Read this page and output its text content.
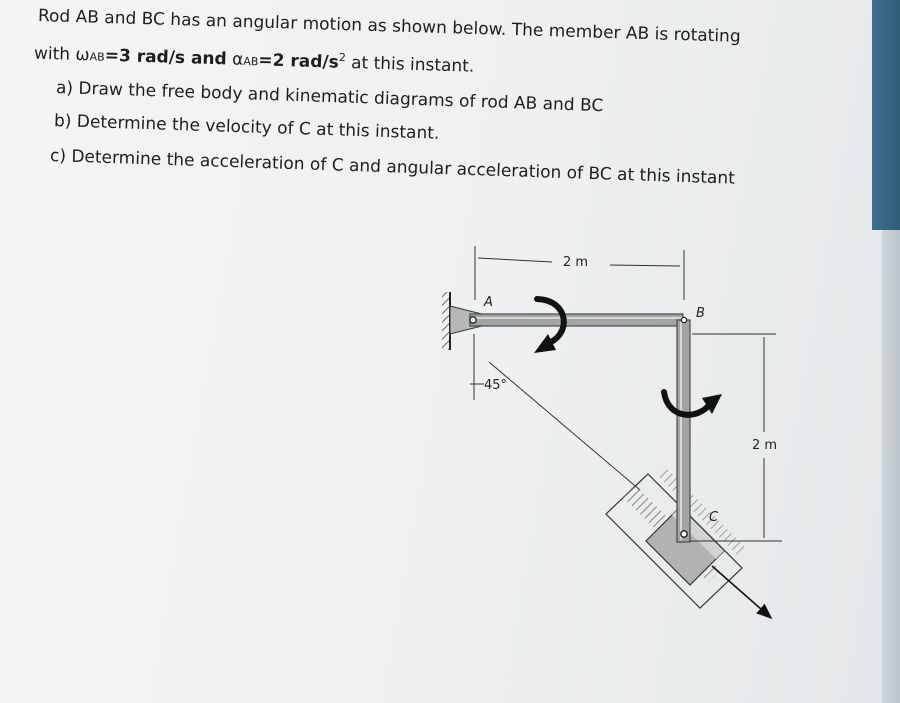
Rod AB and BC has an angular motion as shown below. The member AB is rotating
with ωAB=3 rad/s and αAB=2 rad/$s^2$ at this instant.
a) Draw the free body and kinematic diagrams of rod AB and BC
b) Determine the velocity of C at this instant.
c) Determine the acceleration of C and angular acceleration of BC at this instant
2 m
2 m
45°
A
B
C
